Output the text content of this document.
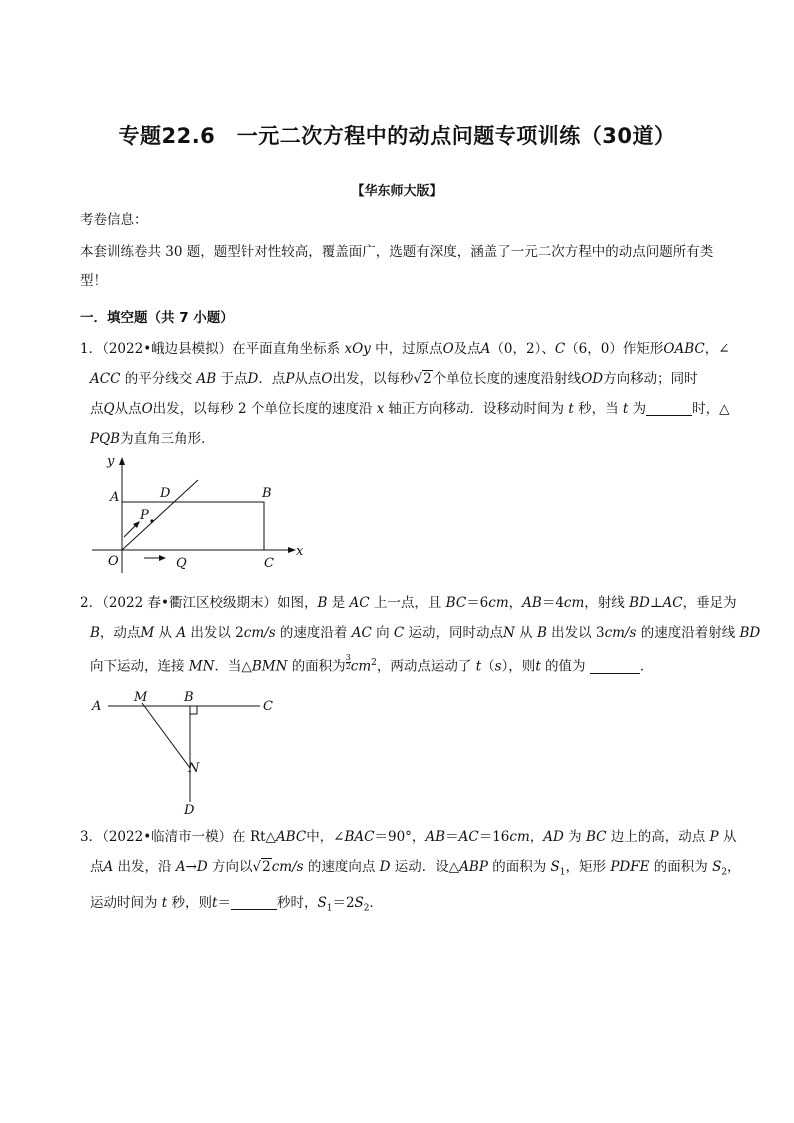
专题22.6　一元二次方程中的动点问题专项训练（30道）
【华东师大版】
考卷信息：
本套训练卷共 30 题，题型针对性较高，覆盖面广，选题有深度，涵盖了一元二次方程中的动点问题所有类
型！
一．填空题（共 7 小题）
1．（2022•峨边县模拟）在平面直角坐标系 xOy 中，过原点O及点A（0，2）、C（6，0）作矩形OABC，∠
ACC 的平分线交 AB 于点D．点P从点O出发，以每秒√2个单位长度的速度沿射线OD方向移动；同时
点Q从点O出发，以每秒 2 个单位长度的速度沿 x 轴正方向移动．设移动时间为 t 秒，当 t 为	时，△
PQB为直角三角形．
y
x
A	D	B
P
O	Q	C
2．（2022 春•衢江区校级期末）如图，B 是 AC 上一点，且 BC＝6cm，AB＝4cm，射线 BD⊥AC，垂足为
B，动点M 从 A 出发以 2cm/s 的速度沿着 AC 向 C 运动，同时动点N 从 B 出发以 3cm/s 的速度沿着射线 BD
向下运动，连接 MN．当△BMN 的面积为 $\frac{3}{2} cm^2$，两动点运动了 t（s），则t 的值为	．
A
M	B
C
N
D
3．（2022•临清市一模）在 Rt△ABC中，∠BAC＝90°，AB＝AC＝16cm，AD 为 BC 边上的高，动点 P 从
点A 出发，沿 A→D 方向以√2cm/s 的速度向点 D 运动．设△ABP 的面积为 $S_1$，矩形 PDFE 的面积为 $S_2$，
运动时间为 t 秒，则t＝	秒时，$S_1=2S_2$．
